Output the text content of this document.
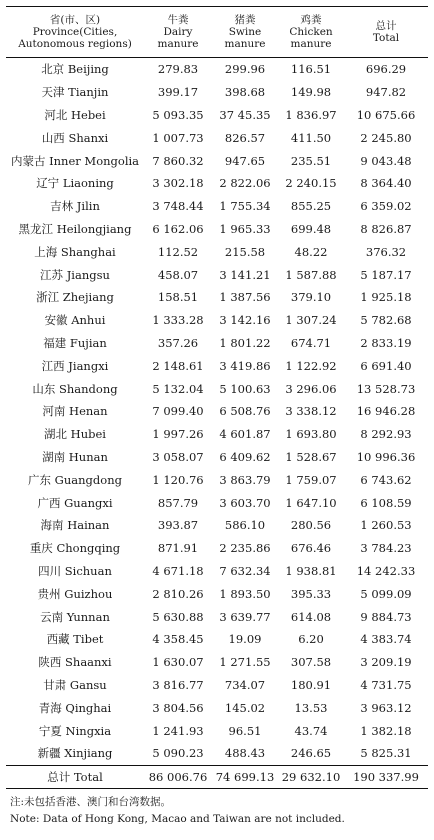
省(市、区)
Province(Cities,
Autonomous regions)	牛粪
Dairy
manure	猪粪
Swine
manure	鸡粪
Chicken
manure	总计
Total

北京 Beijing	279.83	299.96	116.51	696.29
天津 Tianjin	399.17	398.68	149.98	947.82
河北 Hebei	5 093.35	37 45.35	1 836.97	10 675.66
山西 Shanxi	1 007.73	826.57	411.50	2 245.80
内蒙古 Inner Mongolia	7 860.32	947.65	235.51	9 043.48
辽宁 Liaoning	3 302.18	2 822.06	2 240.15	8 364.40
吉林 Jilin	3 748.44	1 755.34	855.25	6 359.02
黑龙江 Heilongjiang	6 162.06	1 965.33	699.48	8 826.87
上海 Shanghai	112.52	215.58	48.22	376.32
江苏 Jiangsu	458.07	3 141.21	1 587.88	5 187.17
浙江 Zhejiang	158.51	1 387.56	379.10	1 925.18
安徽 Anhui	1 333.28	3 142.16	1 307.24	5 782.68
福建 Fujian	357.26	1 801.22	674.71	2 833.19
江西 Jiangxi	2 148.61	3 419.86	1 122.92	6 691.40
山东 Shandong	5 132.04	5 100.63	3 296.06	13 528.73
河南 Henan	7 099.40	6 508.76	3 338.12	16 946.28
湖北 Hubei	1 997.26	4 601.87	1 693.80	8 292.93
湖南 Hunan	3 058.07	6 409.62	1 528.67	10 996.36
广东 Guangdong	1 120.76	3 863.79	1 759.07	6 743.62
广西 Guangxi	857.79	3 603.70	1 647.10	6 108.59
海南 Hainan	393.87	586.10	280.56	1 260.53
重庆 Chongqing	871.91	2 235.86	676.46	3 784.23
四川 Sichuan	4 671.18	7 632.34	1 938.81	14 242.33
贵州 Guizhou	2 810.26	1 893.50	395.33	5 099.09
云南 Yunnan	5 630.88	3 639.77	614.08	9 884.73
西藏 Tibet	4 358.45	19.09	6.20	4 383.74
陕西 Shaanxi	1 630.07	1 271.55	307.58	3 209.19
甘肃 Gansu	3 816.77	734.07	180.91	4 731.75
青海 Qinghai	3 804.56	145.02	13.53	3 963.12
宁夏 Ningxia	1 241.93	96.51	43.74	1 382.18
新疆 Xinjiang	5 090.23	488.43	246.65	5 825.31
总计 Total	86 006.76	74 699.13	29 632.10	190 337.99
注:未包括香港、澳门和台湾数据。
Note: Data of Hong Kong, Macao and Taiwan are not included.
